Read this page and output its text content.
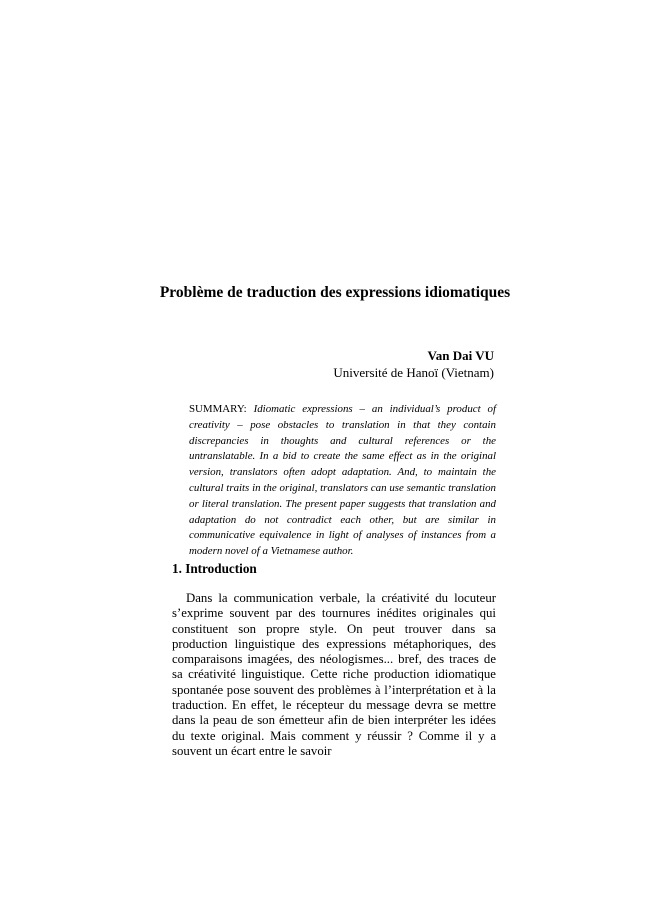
Problème de traduction des expressions idiomatiques
Van Dai VU
Université de Hanoï (Vietnam)

SUMMARY: Idiomatic expressions – an individual’s product of creativity – pose obstacles to translation in that they contain discrepancies in thoughts and cultural references or the untranslatable. In a bid to create the same effect as in the original version, translators often adopt adaptation. And, to maintain the cultural traits in the original, translators can use semantic translation or literal translation. The present paper suggests that translation and adaptation do not contradict each other, but are similar in communicative equivalence in light of analyses of instances from a modern novel of a Vietnamese author.

1. Introduction

Dans la communication verbale, la créativité du locuteur s’exprime souvent par des tournures inédites originales qui constituent son propre style. On peut trouver dans sa production linguistique des expressions métaphoriques, des comparaisons imagées, des néologismes... bref, des traces de sa créativité linguistique. Cette riche production idiomatique spontanée pose souvent des problèmes à l’interprétation et à la traduction. En effet, le récepteur du message devra se mettre dans la peau de son émetteur afin de bien interpréter les idées du texte original. Mais comment y réussir ? Comme il y a souvent un écart entre le savoir
